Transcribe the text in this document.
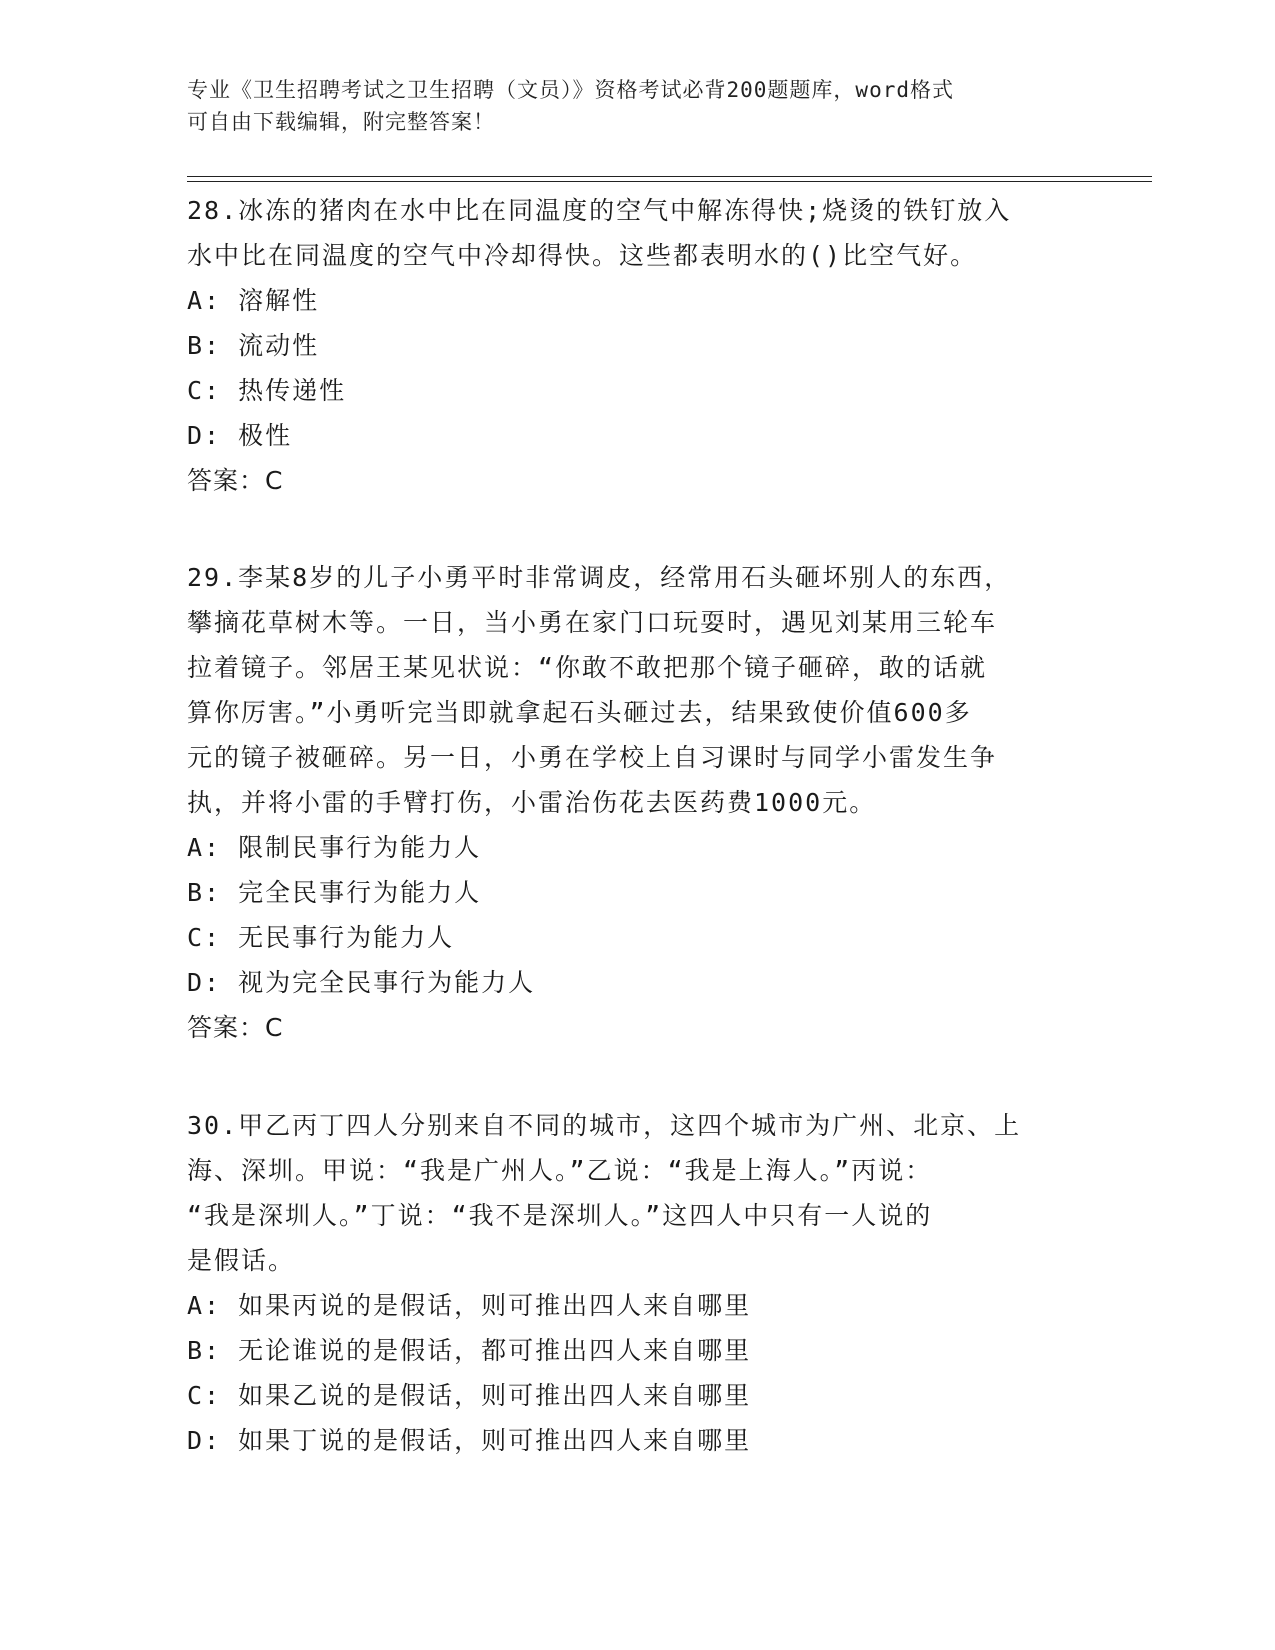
专业《卫生招聘考试之卫生招聘（文员）》资格考试必背200题题库，word格式
可自由下载编辑，附完整答案！

28.冰冻的猪肉在水中比在同温度的空气中解冻得快;烧烫的铁钉放入

水中比在同温度的空气中冷却得快。这些都表明水的()比空气好。

A: 溶解性

B: 流动性

C: 热传递性

D: 极性

答案：C

29.李某8岁的儿子小勇平时非常调皮，经常用石头砸坏别人的东西，

攀摘花草树木等。一日，当小勇在家门口玩耍时，遇见刘某用三轮车

拉着镜子。邻居王某见状说：“你敢不敢把那个镜子砸碎，敢的话就

算你厉害。”小勇听完当即就拿起石头砸过去，结果致使价值600多

元的镜子被砸碎。另一日，小勇在学校上自习课时与同学小雷发生争

执，并将小雷的手臂打伤，小雷治伤花去医药费1000元。

A: 限制民事行为能力人

B: 完全民事行为能力人

C: 无民事行为能力人

D: 视为完全民事行为能力人

答案：C

30.甲乙丙丁四人分别来自不同的城市，这四个城市为广州、北京、上

海、深圳。甲说：“我是广州人。”乙说：“我是上海人。”丙说：

“我是深圳人。”丁说：“我不是深圳人。”这四人中只有一人说的

是假话。

A: 如果丙说的是假话，则可推出四人来自哪里

B: 无论谁说的是假话，都可推出四人来自哪里

C: 如果乙说的是假话，则可推出四人来自哪里

D: 如果丁说的是假话，则可推出四人来自哪里
